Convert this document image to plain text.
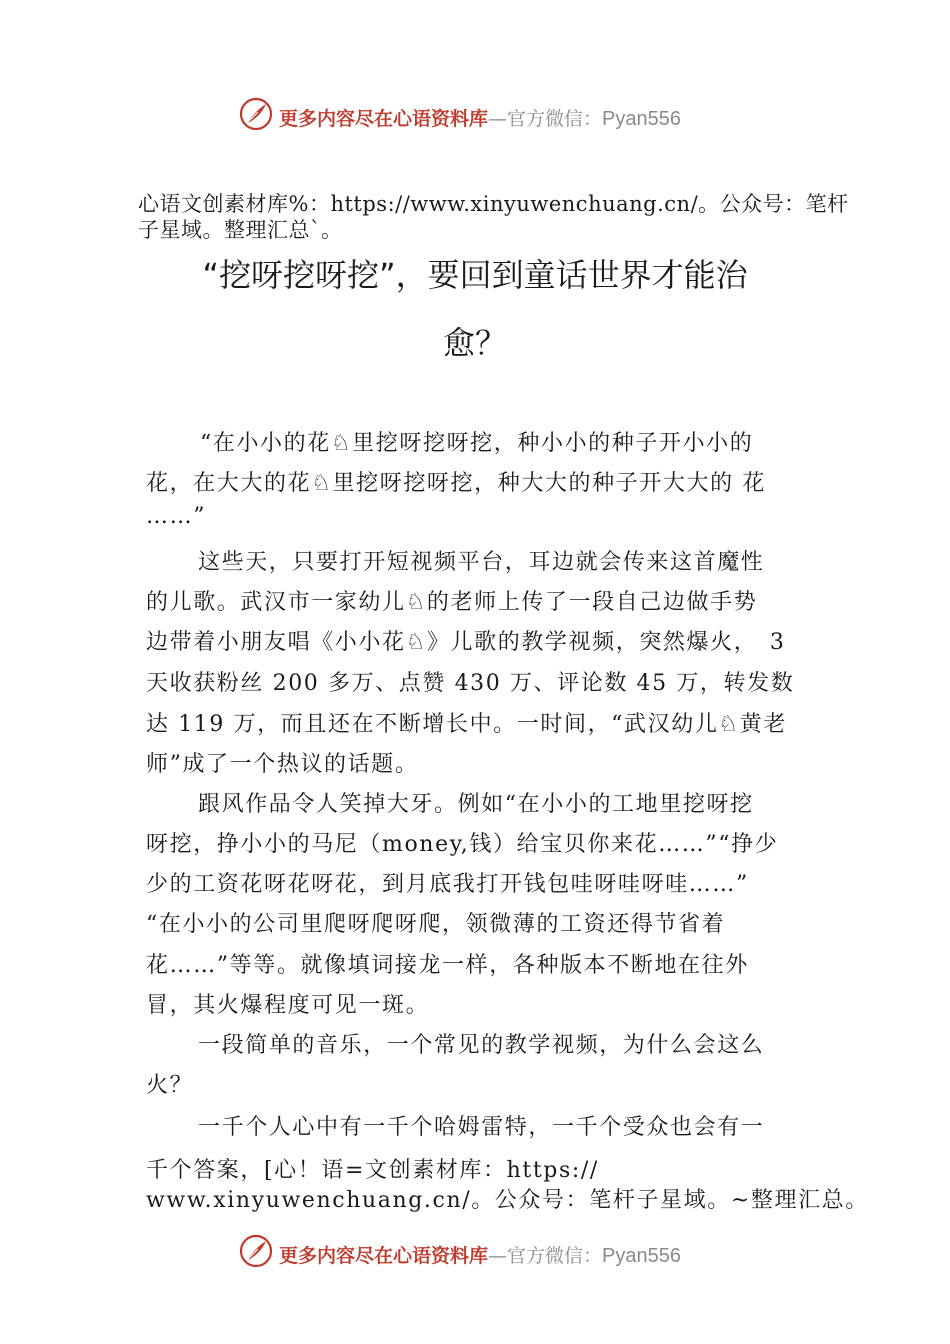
更多内容尽在心语资料库—官方微信：Pyan556
心语文创素材库%：https://www.xinyuwenchuang.cn/。公众号：笔杆子星域。整理汇总`。
“挖呀挖呀挖”，要回到童话世界才能治
愈？
“在小小的花♘里挖呀挖呀挖，种小小的种子开小小的
花，在大大的花♘里挖呀挖呀挖，种大大的种子开大大的 花
……”
这些天，只要打开短视频平台，耳边就会传来这首魔性
的儿歌。武汉市一家幼儿♘的老师上传了一段自己边做手势
边带着小朋友唱《小小花♘》儿歌的教学视频，突然爆火，　3
天收获粉丝 200 多万、点赞 430 万、评论数 45 万，转发数
达 119 万，而且还在不断增长中。一时间，“武汉幼儿♘黄老
师”成了一个热议的话题。
跟风作品令人笑掉大牙。例如“在小小的工地里挖呀挖
呀挖，挣小小的马尼（money,钱）给宝贝你来花……”“挣少
少的工资花呀花呀花，到月底我打开钱包哇呀哇呀哇……”
“在小小的公司里爬呀爬呀爬，领微薄的工资还得节省着
花……”等等。就像填词接龙一样，各种版本不断地在往外
冒，其火爆程度可见一斑。
一段简单的音乐，一个常见的教学视频，为什么会这么
火？
一千个人心中有一千个哈姆雷特，一千个受众也会有一
千个答案，[心！语=文创素材库：https://
www.xinyuwenchuang.cn/。公众号：笔杆子星域。~整理汇总。
更多内容尽在心语资料库—官方微信：Pyan556
